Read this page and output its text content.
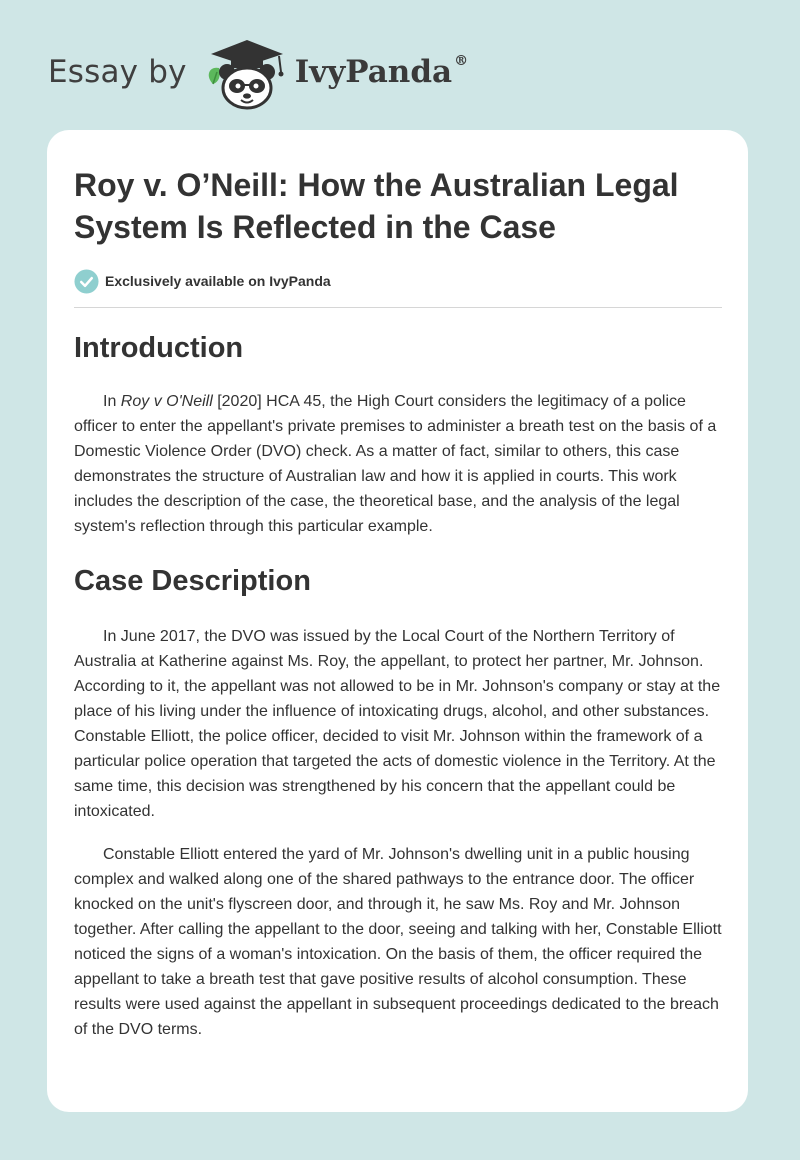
Essay by	IvyPanda ®
Roy v. O’Neill: How the Australian Legal System Is Reflected in the Case
Exclusively available on IvyPanda
Introduction

In Roy v O'Neill [2020] HCA 45, the High Court considers the legitimacy of a police officer to enter the appellant's private premises to administer a breath test on the basis of a Domestic Violence Order (DVO) check. As a matter of fact, similar to others, this case demonstrates the structure of Australian law and how it is applied in courts. This work includes the description of the case, the theoretical base, and the analysis of the legal system's reflection through this particular example.

Case Description

In June 2017, the DVO was issued by the Local Court of the Northern Territory of Australia at Katherine against Ms. Roy, the appellant, to protect her partner, Mr. Johnson. According to it, the appellant was not allowed to be in Mr. Johnson's company or stay at the place of his living under the influence of intoxicating drugs, alcohol, and other substances. Constable Elliott, the police officer, decided to visit Mr. Johnson within the framework of a particular police operation that targeted the acts of domestic violence in the Territory. At the same time, this decision was strengthened by his concern that the appellant could be intoxicated.

Constable Elliott entered the yard of Mr. Johnson's dwelling unit in a public housing complex and walked along one of the shared pathways to the entrance door. The officer knocked on the unit's flyscreen door, and through it, he saw Ms. Roy and Mr. Johnson together. After calling the appellant to the door, seeing and talking with her, Constable Elliott noticed the signs of a woman's intoxication. On the basis of them, the officer required the appellant to take a breath test that gave positive results of alcohol consumption. These results were used against the appellant in subsequent proceedings dedicated to the breach of the DVO terms.
